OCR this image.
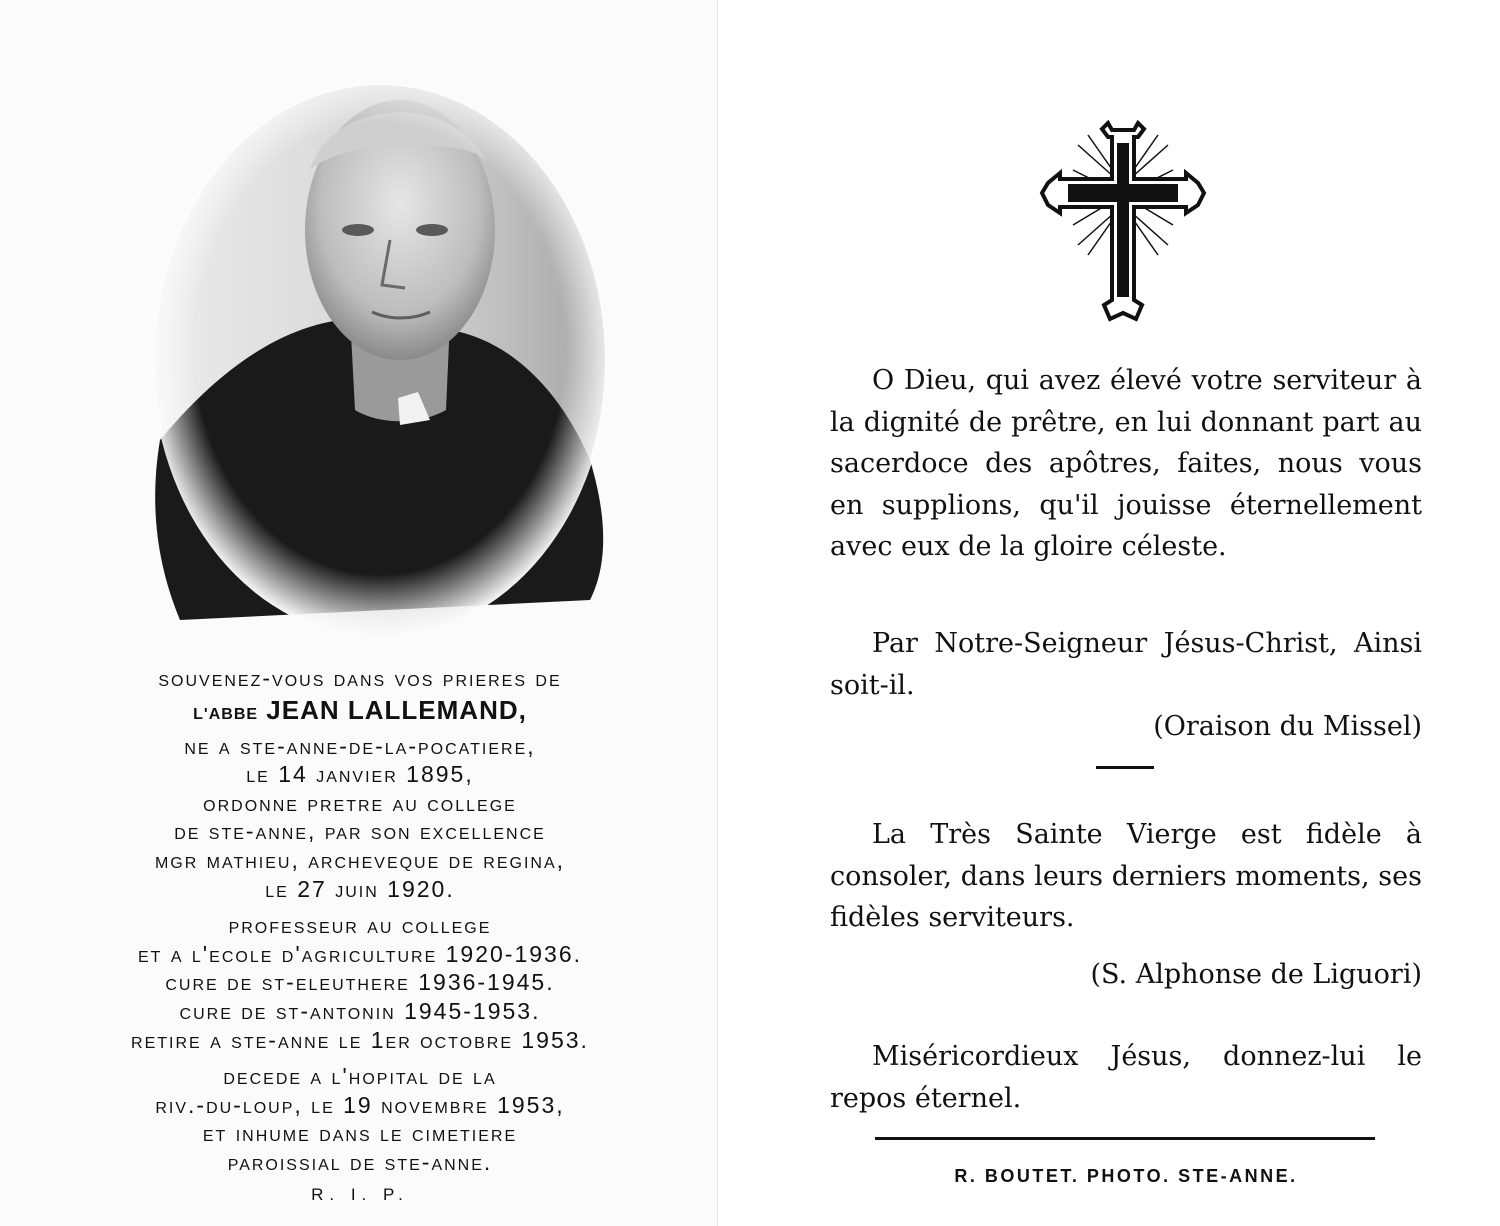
souvenez-vous dans vos prieres de
L'ABBE JEAN LALLEMAND,
ne a ste-anne-de-la-pocatiere,
le 14 janvier 1895,
ordonne pretre au college
de ste-anne, par son excellence
mgr mathieu, archeveque de regina,
le 27 juin 1920.
professeur au college
et a l'ecole d'agriculture 1920-1936.
cure de st-eleuthere 1936-1945.
cure de st-antonin 1945-1953.
retire a ste-anne le 1er octobre 1953.
decede a l'hopital de la
riv.-du-loup, le 19 novembre 1953,
et inhume dans le cimetiere
paroissial de ste-anne.
R. I. P.

O Dieu, qui avez élevé votre serviteur à la dignité de prêtre, en lui donnant part au sacerdoce des apôtres, faites, nous vous en supplions, qu'il jouisse éternellement avec eux de la gloire céleste.

Par Notre-Seigneur Jésus-Christ, Ainsi soit-il.

(Oraison du Missel)

La Très Sainte Vierge est fidèle à consoler, dans leurs derniers moments, ses fidèles serviteurs.

(S. Alphonse de Liguori)

Miséricordieux Jésus, donnez-lui le repos éternel.

R. BOUTET. PHOTO. STE-ANNE.
